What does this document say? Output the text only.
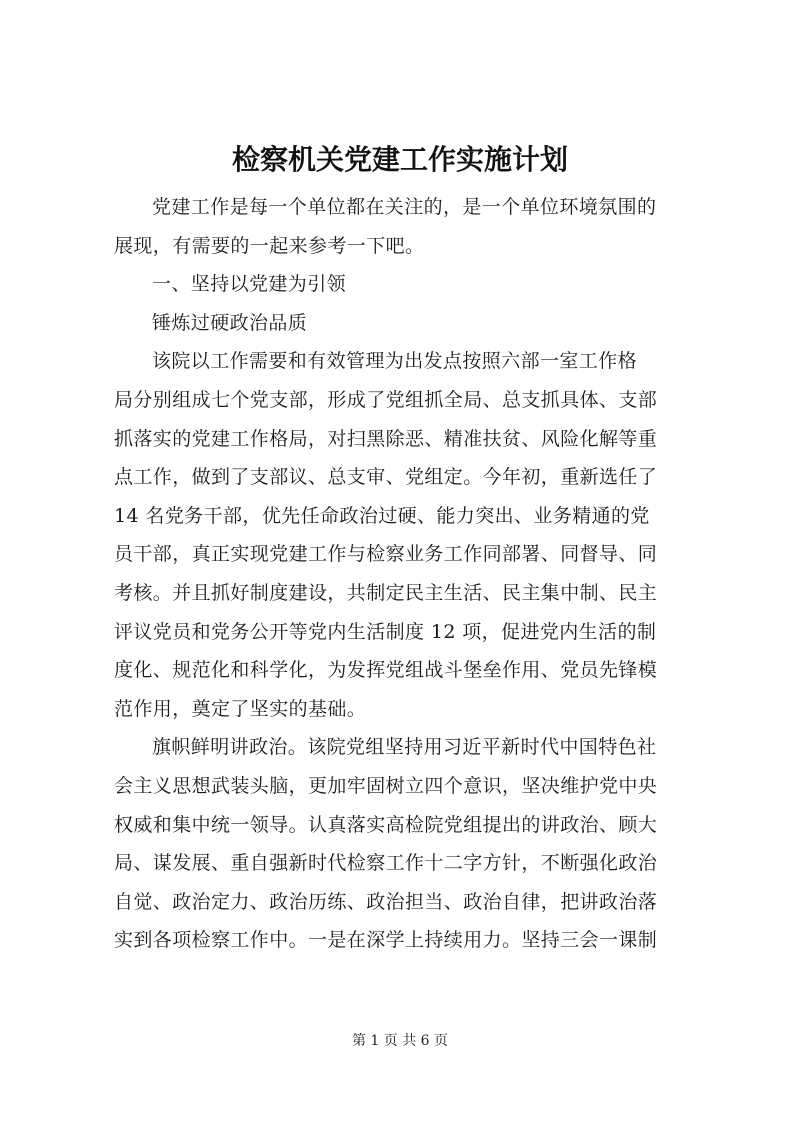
检察机关党建工作实施计划

党建工作是每一个单位都在关注的，是一个单位环境氛围的
展现，有需要的一起来参考一下吧。

一、坚持以党建为引领

锤炼过硬政治品质

该院以工作需要和有效管理为出发点按照六部一室工作格
局分别组成七个党支部，形成了党组抓全局、总支抓具体、支部
抓落实的党建工作格局，对扫黑除恶、精准扶贫、风险化解等重
点工作，做到了支部议、总支审、党组定。今年初，重新选任了
14 名党务干部，优先任命政治过硬、能力突出、业务精通的党
员干部，真正实现党建工作与检察业务工作同部署、同督导、同
考核。并且抓好制度建设，共制定民主生活、民主集中制、民主
评议党员和党务公开等党内生活制度 12 项，促进党内生活的制
度化、规范化和科学化，为发挥党组战斗堡垒作用、党员先锋模
范作用，奠定了坚实的基础。

旗帜鲜明讲政治。该院党组坚持用习近平新时代中国特色社
会主义思想武装头脑，更加牢固树立四个意识，坚决维护党中央
权威和集中统一领导。认真落实高检院党组提出的讲政治、顾大
局、谋发展、重自强新时代检察工作十二字方针，不断强化政治
自觉、政治定力、政治历练、政治担当、政治自律，把讲政治落
实到各项检察工作中。一是在深学上持续用力。坚持三会一课制

第 1 页 共 6 页
